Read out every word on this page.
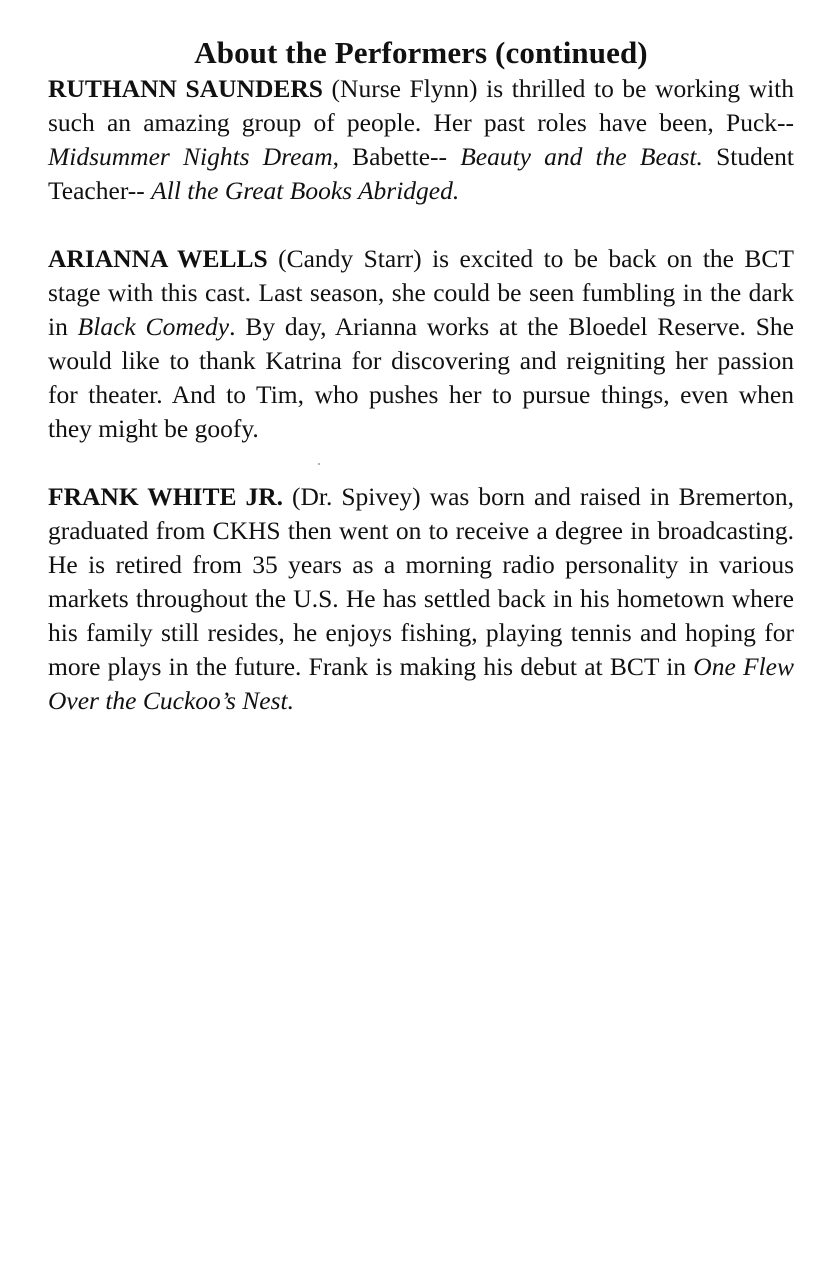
About the Performers (continued)

RUTHANN SAUNDERS (Nurse Flynn) is thrilled to be working with such an amazing group of people. Her past roles have been, Puck--Midsummer Nights Dream, Babette-- Beauty and the Beast. Student Teacher-- All the Great Books Abridged.

ARIANNA WELLS (Candy Starr) is excited to be back on the BCT stage with this cast. Last season, she could be seen fumbling in the dark in Black Comedy. By day, Arianna works at the Bloedel Reserve. She would like to thank Katrina for discovering and reigniting her passion for theater. And to Tim, who pushes her to pursue things, even when they might be goofy.

FRANK WHITE JR. (Dr. Spivey) was born and raised in Bremerton, graduated from CKHS then went on to receive a degree in broadcasting. He is retired from 35 years as a morning radio personality in various markets throughout the U.S. He has settled back in his hometown where his family still resides, he enjoys fishing, playing tennis and hoping for more plays in the future. Frank is making his debut at BCT in One Flew Over the Cuckoo’s Nest.
